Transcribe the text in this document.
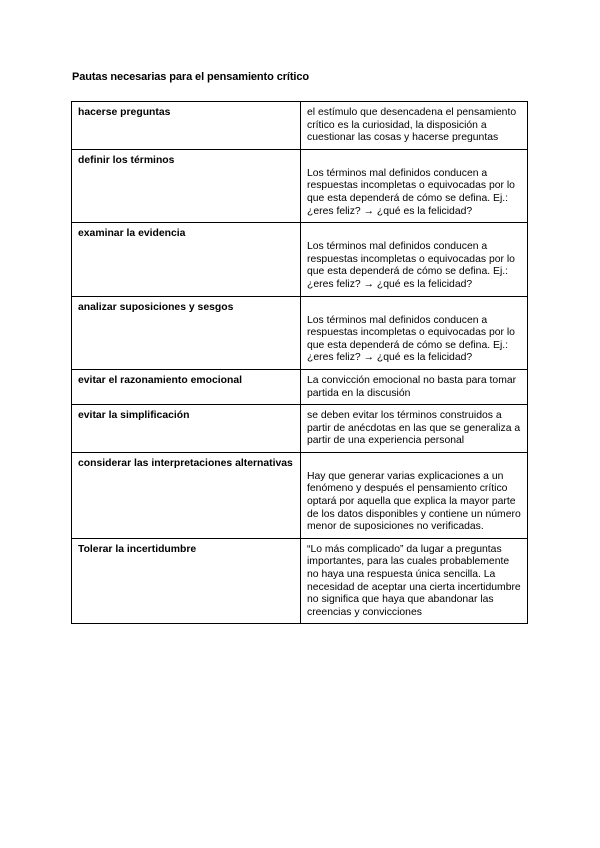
Pautas necesarias para el pensamiento crítico
hacerse preguntas	el estímulo que desencadena el pensamiento crítico es la curiosidad, la disposición a cuestionar las cosas y hacerse preguntas
definir los términos	Los términos mal definidos conducen a respuestas incompletas o equivocadas por lo que esta dependerá de cómo se defina. Ej.: ¿eres feliz? → ¿qué es la felicidad?
examinar la evidencia	Los términos mal definidos conducen a respuestas incompletas o equivocadas por lo que esta dependerá de cómo se defina. Ej.: ¿eres feliz? → ¿qué es la felicidad?
analizar suposiciones y sesgos	Los términos mal definidos conducen a respuestas incompletas o equivocadas por lo que esta dependerá de cómo se defina. Ej.: ¿eres feliz? → ¿qué es la felicidad?
evitar el razonamiento emocional	La convicción emocional no basta para tomar partida en la discusión
evitar la simplificación	se deben evitar los términos construidos a partir de anécdotas en las que se generaliza a partir de una experiencia personal
considerar las interpretaciones alternativas	Hay que generar varias explicaciones a un fenómeno y después el pensamiento crítico optará por aquella que explica la mayor parte de los datos disponibles y contiene un número menor de suposiciones no verificadas.
Tolerar la incertidumbre	“Lo más complicado” da lugar a preguntas importantes, para las cuales probablemente no haya una respuesta única sencilla. La necesidad de aceptar una cierta incertidumbre no significa que haya que abandonar las creencias y convicciones
